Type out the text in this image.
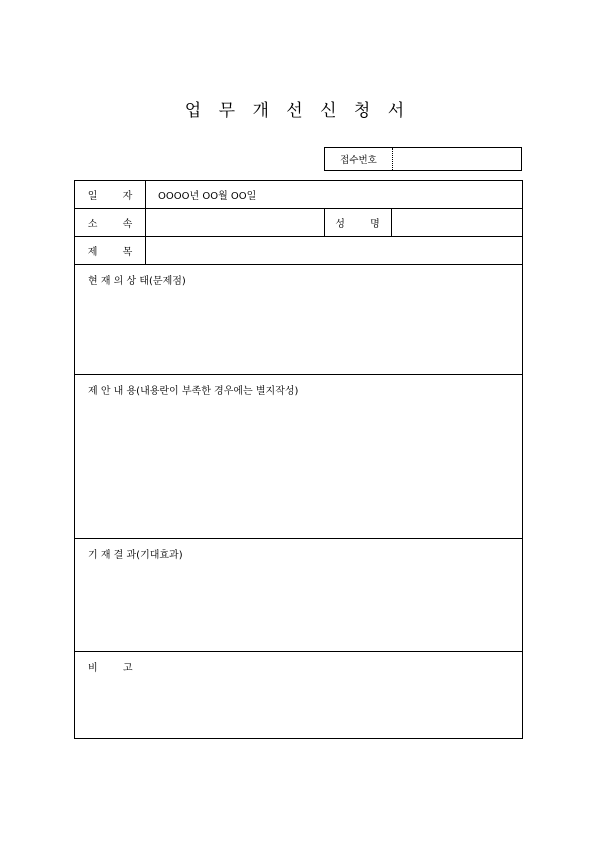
업 무 개 선 신 청 서
접수번호
일 자	OOOO년 OO월 OO일
소 속	성 명
제 목
현 재 의 상 태(문제점)
제 안 내 용(내용란이 부족한 경우에는 별지작성)
기 재 결 과(기대효과)
비 고
